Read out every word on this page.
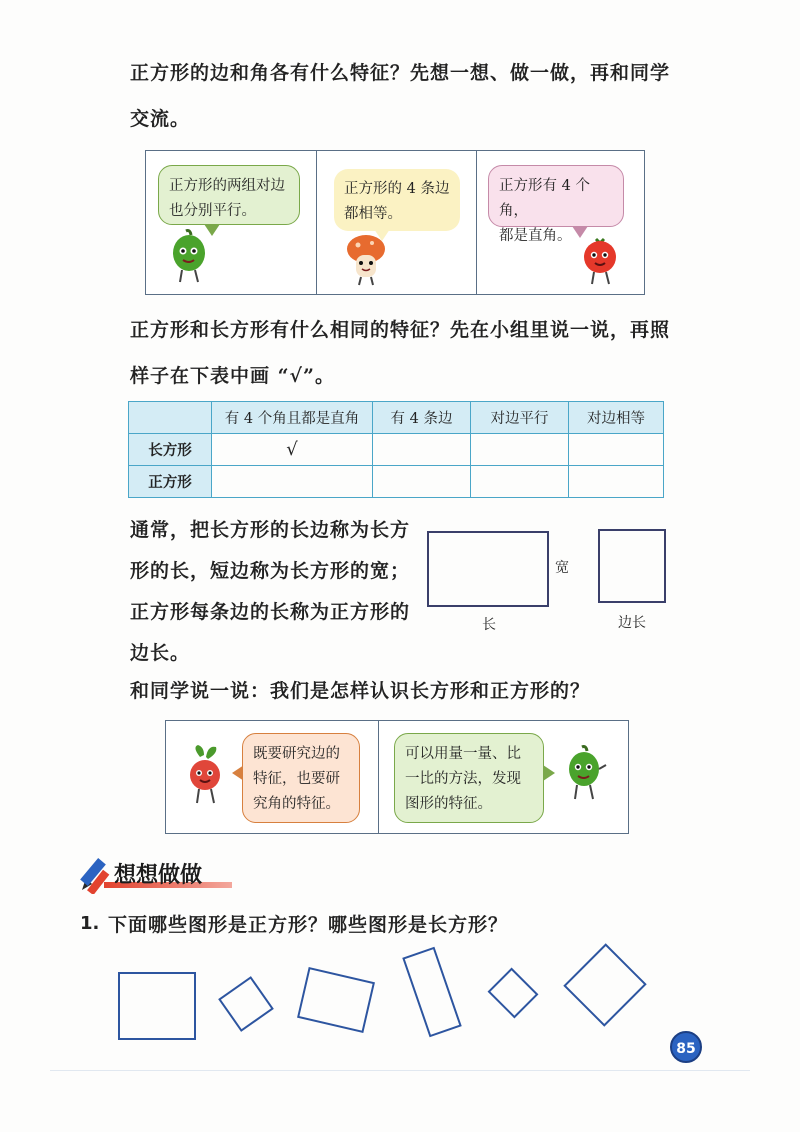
正方形的边和角各有什么特征？先想一想、做一做，再和同学
交流。
正方形的两组对边
也分别平行。
正方形的 4 条边
都相等。
正方形有 4 个角，
都是直角。
正方形和长方形有什么相同的特征？先在小组里说一说，再照
样子在下表中画 “√”。
	有 4 个角且都是直角	有 4 条边	对边平行	对边相等
长方形	√			
正方形				
通常，把长方形的长边称为长方
形的长，短边称为长方形的宽；
正方形每条边的长称为正方形的
边长。
宽
长	边长
和同学说一说：我们是怎样认识长方形和正方形的？
既要研究边的
特征，也要研
究角的特征。
可以用量一量、比
一比的方法，发现
图形的特征。
想想做做
1. 下面哪些图形是正方形？哪些图形是长方形？
85
